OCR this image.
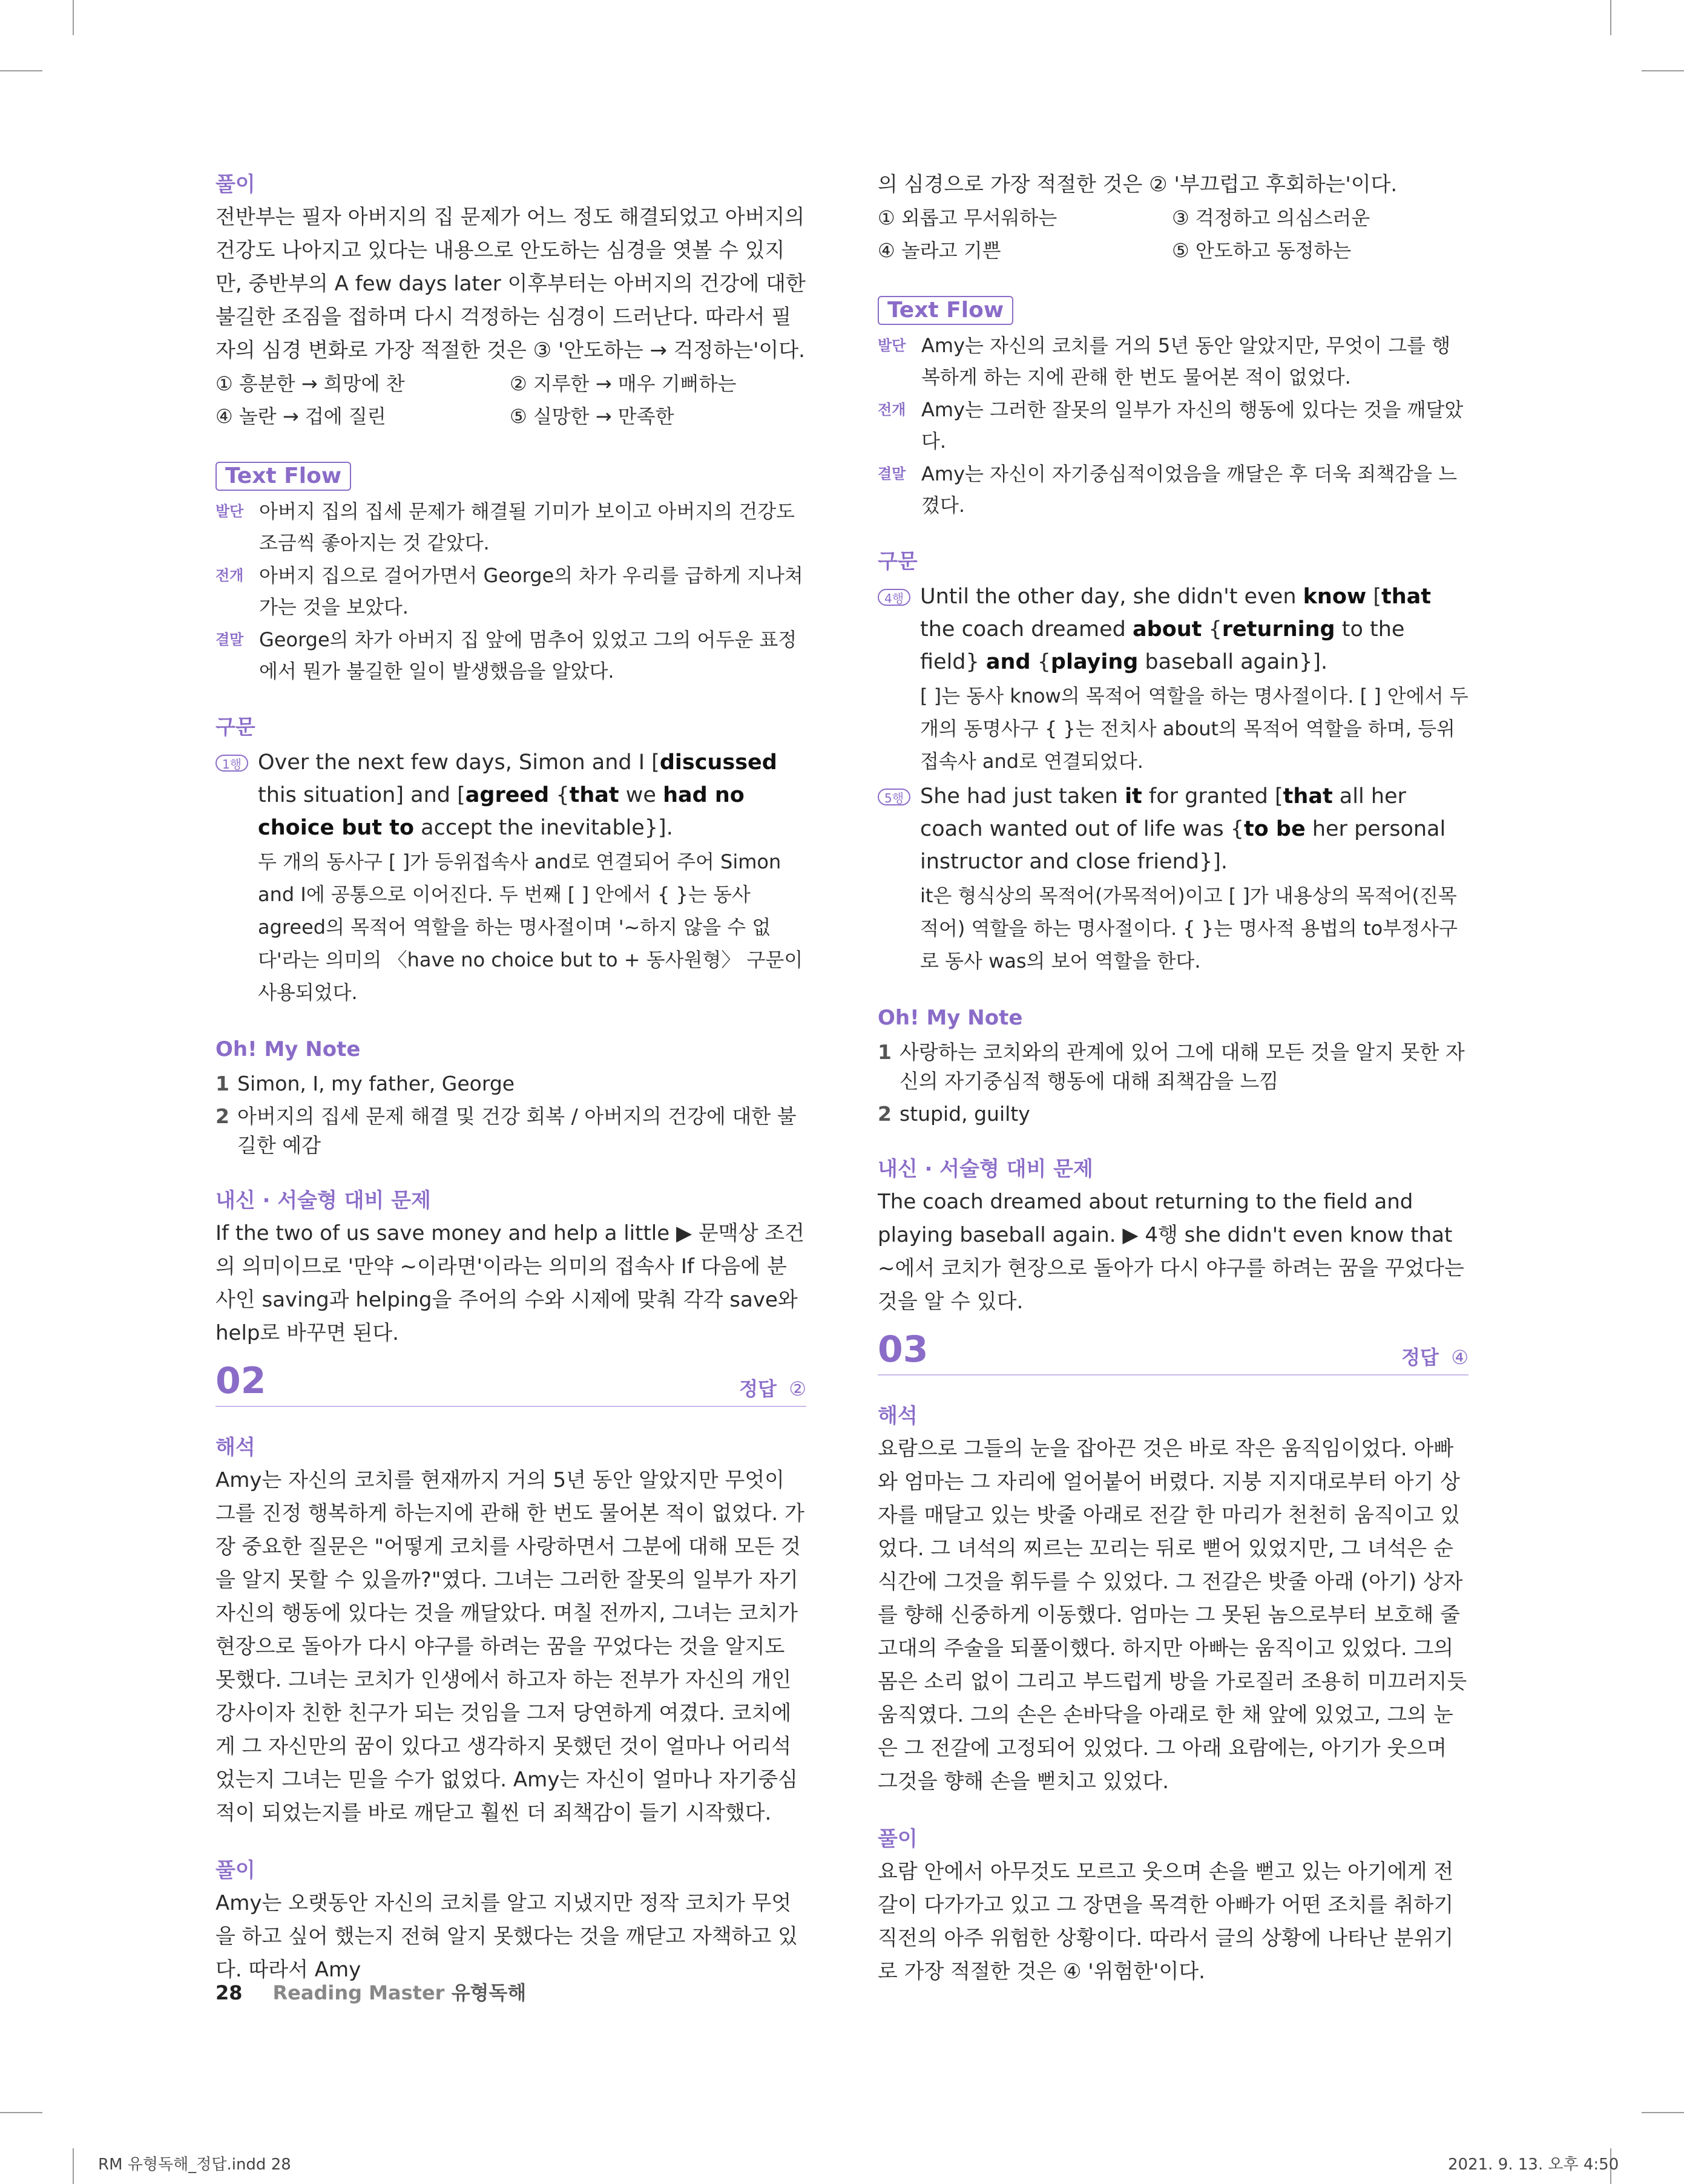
풀이

전반부는 필자 아버지의 집 문제가 어느 정도 해결되었고 아버지의 건강도 나아지고 있다는 내용으로 안도하는 심경을 엿볼 수 있지만, 중반부의 A few days later 이후부터는 아버지의 건강에 대한 불길한 조짐을 접하며 다시 걱정하는 심경이 드러난다. 따라서 필자의 심경 변화로 가장 적절한 것은 ③ '안도하는 → 걱정하는'이다.

① 흥분한 → 희망에 찬	② 지루한 → 매우 기뻐하는
④ 놀란 → 겁에 질린	⑤ 실망한 → 만족한
Text Flow
발단 아버지 집의 집세 문제가 해결될 기미가 보이고 아버지의 건강도 조금씩 좋아지는 것 같았다.
전개 아버지 집으로 걸어가면서 George의 차가 우리를 급하게 지나쳐 가는 것을 보았다.
결말 George의 차가 아버지 집 앞에 멈추어 있었고 그의 어두운 표정에서 뭔가 불길한 일이 발생했음을 알았다.
구문
1행 Over the next few days, Simon and I [discussed this situation] and [agreed {that we had no choice but to accept the inevitable}].
두 개의 동사구 [ ]가 등위접속사 and로 연결되어 주어 Simon and I에 공통으로 이어진다. 두 번째 [ ] 안에서 { }는 동사 agreed의 목적어 역할을 하는 명사절이며 '~하지 않을 수 없다'라는 의미의 〈have no choice but to + 동사원형〉 구문이 사용되었다.
Oh! My Note
1 Simon, I, my father, George
2 아버지의 집세 문제 해결 및 건강 회복 / 아버지의 건강에 대한 불길한 예감
내신 · 서술형 대비 문제

If the two of us save money and help a little ▶ 문맥상 조건의 의미이므로 '만약 ~이라면'이라는 의미의 접속사 If 다음에 분사인 saving과 helping을 주어의 수와 시제에 맞춰 각각 save와 help로 바꾸면 된다.

02	정답 ②
해석

Amy는 자신의 코치를 현재까지 거의 5년 동안 알았지만 무엇이 그를 진정 행복하게 하는지에 관해 한 번도 물어본 적이 없었다. 가장 중요한 질문은 "어떻게 코치를 사랑하면서 그분에 대해 모든 것을 알지 못할 수 있을까?"였다. 그녀는 그러한 잘못의 일부가 자기 자신의 행동에 있다는 것을 깨달았다. 며칠 전까지, 그녀는 코치가 현장으로 돌아가 다시 야구를 하려는 꿈을 꾸었다는 것을 알지도 못했다. 그녀는 코치가 인생에서 하고자 하는 전부가 자신의 개인 강사이자 친한 친구가 되는 것임을 그저 당연하게 여겼다. 코치에게 그 자신만의 꿈이 있다고 생각하지 못했던 것이 얼마나 어리석었는지 그녀는 믿을 수가 없었다. Amy는 자신이 얼마나 자기중심적이 되었는지를 바로 깨닫고 훨씬 더 죄책감이 들기 시작했다.

풀이

Amy는 오랫동안 자신의 코치를 알고 지냈지만 정작 코치가 무엇을 하고 싶어 했는지 전혀 알지 못했다는 것을 깨닫고 자책하고 있다. 따라서 Amy

의 심경으로 가장 적절한 것은 ② '부끄럽고 후회하는'이다.

① 외롭고 무서워하는	③ 걱정하고 의심스러운
④ 놀라고 기쁜	⑤ 안도하고 동정하는
Text Flow
발단 Amy는 자신의 코치를 거의 5년 동안 알았지만, 무엇이 그를 행복하게 하는 지에 관해 한 번도 물어본 적이 없었다.
전개 Amy는 그러한 잘못의 일부가 자신의 행동에 있다는 것을 깨달았다.
결말 Amy는 자신이 자기중심적이었음을 깨달은 후 더욱 죄책감을 느꼈다.
구문
4행 Until the other day, she didn't even know [that the coach dreamed about {returning to the field} and {playing baseball again}].
[ ]는 동사 know의 목적어 역할을 하는 명사절이다. [ ] 안에서 두 개의 동명사구 { }는 전치사 about의 목적어 역할을 하며, 등위접속사 and로 연결되었다.
5행 She had just taken it for granted [that all her coach wanted out of life was {to be her personal instructor and close friend}].
it은 형식상의 목적어(가목적어)이고 [ ]가 내용상의 목적어(진목적어) 역할을 하는 명사절이다. { }는 명사적 용법의 to부정사구로 동사 was의 보어 역할을 한다.
Oh! My Note
1 사랑하는 코치와의 관계에 있어 그에 대해 모든 것을 알지 못한 자신의 자기중심적 행동에 대해 죄책감을 느낌
2 stupid, guilty
내신 · 서술형 대비 문제

The coach dreamed about returning to the field and playing baseball again. ▶ 4행 she didn't even know that ~에서 코치가 현장으로 돌아가 다시 야구를 하려는 꿈을 꾸었다는 것을 알 수 있다.

03	정답 ④
해석

요람으로 그들의 눈을 잡아끈 것은 바로 작은 움직임이었다. 아빠와 엄마는 그 자리에 얼어붙어 버렸다. 지붕 지지대로부터 아기 상자를 매달고 있는 밧줄 아래로 전갈 한 마리가 천천히 움직이고 있었다. 그 녀석의 찌르는 꼬리는 뒤로 뻗어 있었지만, 그 녀석은 순식간에 그것을 휘두를 수 있었다. 그 전갈은 밧줄 아래 (아기) 상자를 향해 신중하게 이동했다. 엄마는 그 못된 놈으로부터 보호해 줄 고대의 주술을 되풀이했다. 하지만 아빠는 움직이고 있었다. 그의 몸은 소리 없이 그리고 부드럽게 방을 가로질러 조용히 미끄러지듯 움직였다. 그의 손은 손바닥을 아래로 한 채 앞에 있었고, 그의 눈은 그 전갈에 고정되어 있었다. 그 아래 요람에는, 아기가 웃으며 그것을 향해 손을 뻗치고 있었다.

풀이

요람 안에서 아무것도 모르고 웃으며 손을 뻗고 있는 아기에게 전갈이 다가가고 있고 그 장면을 목격한 아빠가 어떤 조치를 취하기 직전의 아주 위험한 상황이다. 따라서 글의 상황에 나타난 분위기로 가장 적절한 것은 ④ '위험한'이다.

28 Reading Master 유형독해
RM 유형독해_정답.indd 28	2021. 9. 13. 오후 4:50
